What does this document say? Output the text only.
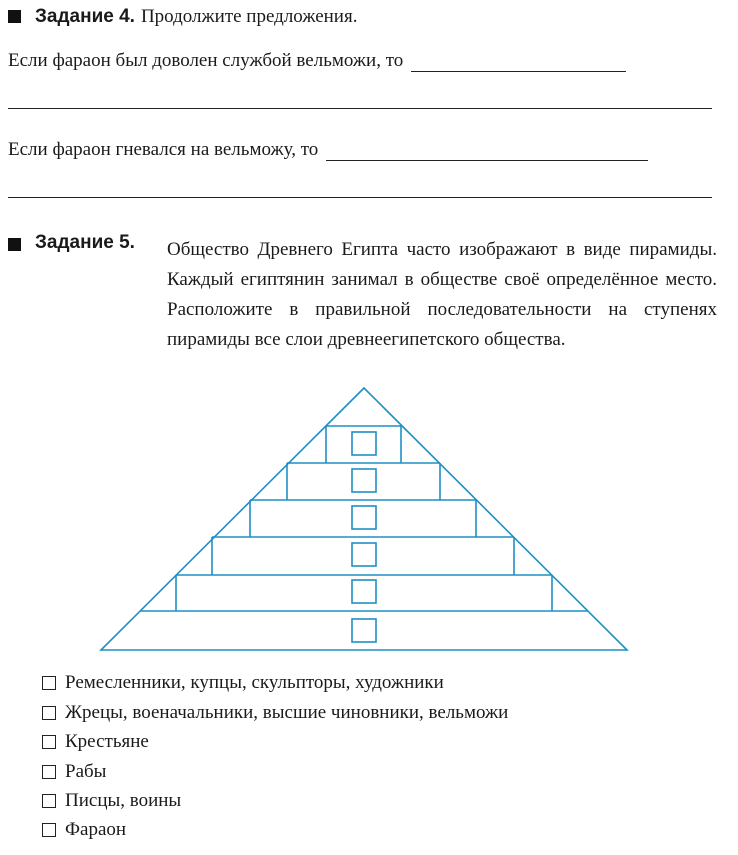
Задание 4. Продолжите предложения.
Если фараон был доволен службой вельможи, то
Если фараон гневался на вельможу, то
Задание 5. Общество Древнего Египта часто изображают в виде пирамиды. Каждый египтянин занимал в обществе своё определённое место. Расположите в правильной последовательности на ступенях пирамиды все слои древнеегипетского общества.
Ремесленники, купцы, скульпторы, художники
Жрецы, военачальники, высшие чиновники, вельможи
Крестьяне
Рабы
Писцы, воины
Фараон
